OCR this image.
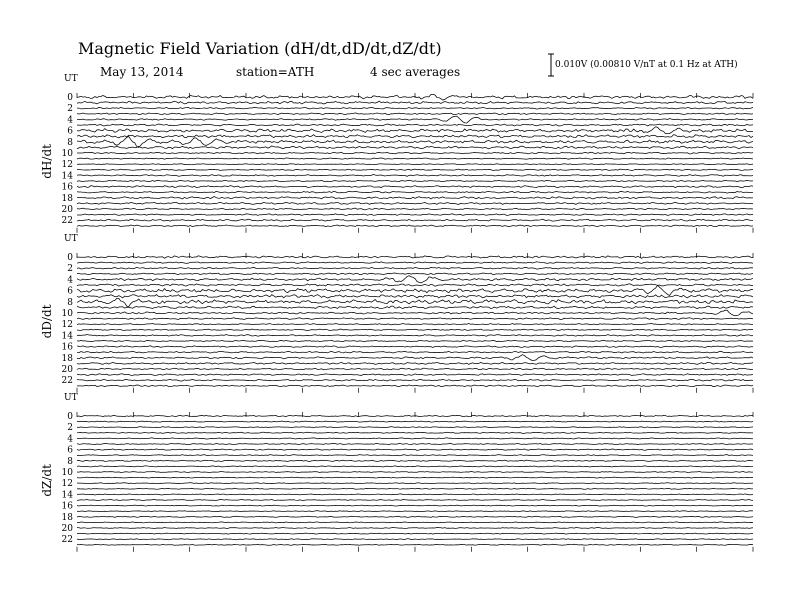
Magnetic Field Variation (dH/dt,dD/dt,dZ/dt)
May 13, 2014	station=ATH	4 sec averages	0.010V (0.00810 V/nT at 0.1 Hz at ATH)
UT
dH/dt
0
2
4
6
8
10
12
14
16
18
20
22
UT
dD/dt
0
2
4
6
8
10
12
14
16
18
20
22
UT
dZ/dt
0
2
4
6
8
10
12
14
16
18
20
22
